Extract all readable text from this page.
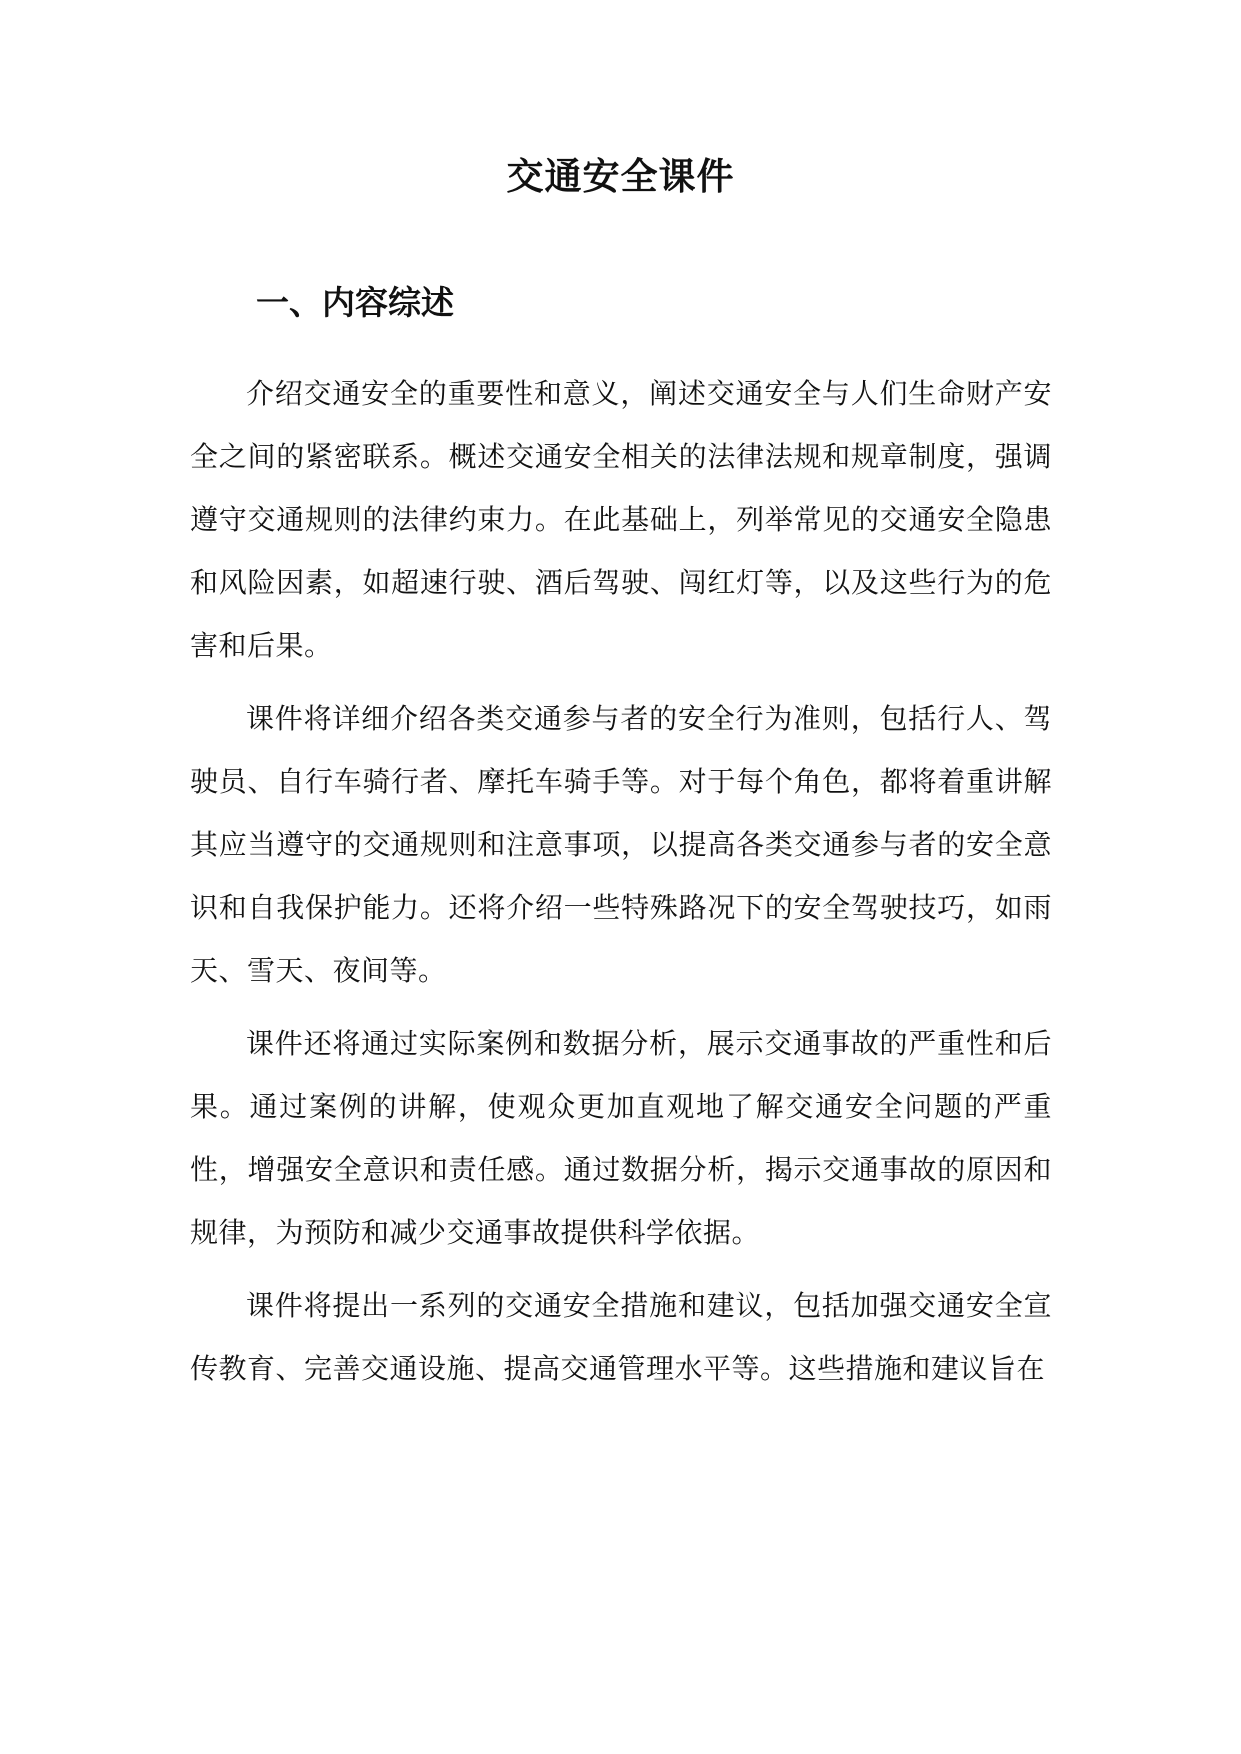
交通安全课件
一、内容综述

介绍交通安全的重要性和意义，阐述交通安全与人们生命财产安全之间的紧密联系。概述交通安全相关的法律法规和规章制度，强调遵守交通规则的法律约束力。在此基础上，列举常见的交通安全隐患和风险因素，如超速行驶、酒后驾驶、闯红灯等，以及这些行为的危害和后果。

课件将详细介绍各类交通参与者的安全行为准则，包括行人、驾驶员、自行车骑行者、摩托车骑手等。对于每个角色，都将着重讲解其应当遵守的交通规则和注意事项，以提高各类交通参与者的安全意识和自我保护能力。还将介绍一些特殊路况下的安全驾驶技巧，如雨天、雪天、夜间等。

课件还将通过实际案例和数据分析，展示交通事故的严重性和后果。通过案例的讲解，使观众更加直观地了解交通安全问题的严重性，增强安全意识和责任感。通过数据分析，揭示交通事故的原因和规律，为预防和减少交通事故提供科学依据。

课件将提出一系列的交通安全措施和建议，包括加强交通安全宣传教育、完善交通设施、提高交通管理水平等。这些措施和建议旨在
